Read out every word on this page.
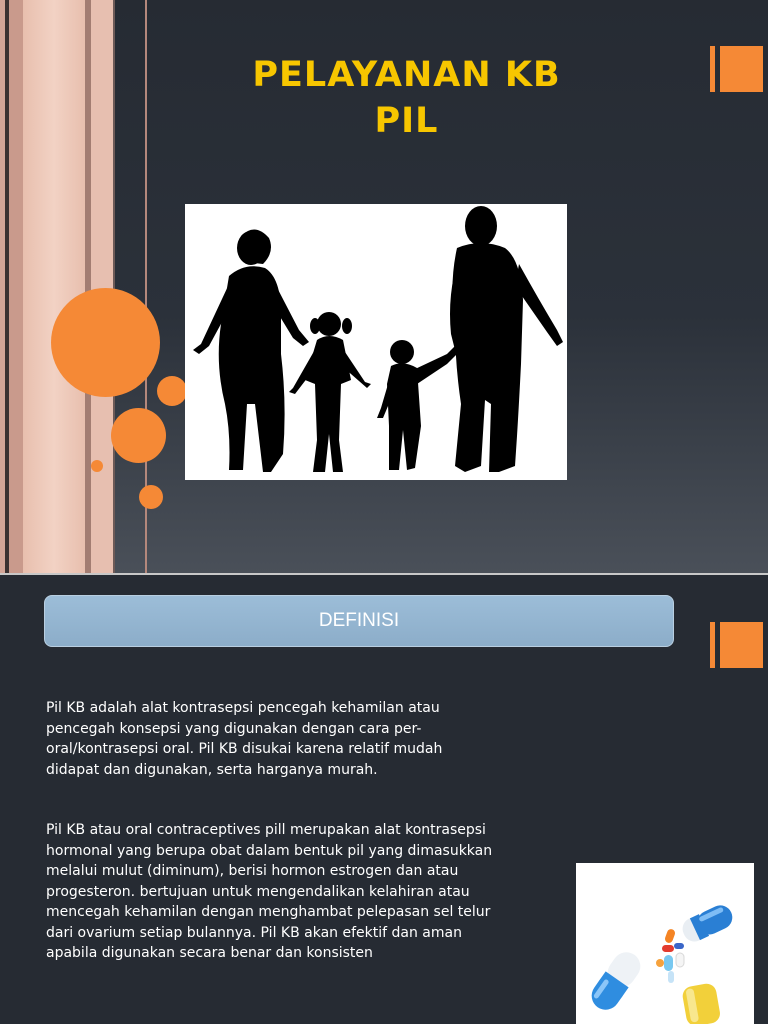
PELAYANAN KB
PIL
DEFINISI

Pil KB adalah alat kontrasepsi pencegah kehamilan atau
pencegah konsepsi yang digunakan dengan cara per-
oral/kontrasepsi oral. Pil KB disukai karena relatif mudah
didapat dan digunakan, serta harganya murah.

Pil KB atau oral contraceptives pill merupakan alat kontrasepsi
hormonal yang berupa obat dalam bentuk pil yang dimasukkan
melalui mulut (diminum), berisi hormon estrogen dan atau
progesteron. bertujuan untuk mengendalikan kelahiran atau
mencegah kehamilan dengan menghambat pelepasan sel telur
dari ovarium setiap bulannya. Pil KB akan efektif dan aman
apabila digunakan secara benar dan konsisten
